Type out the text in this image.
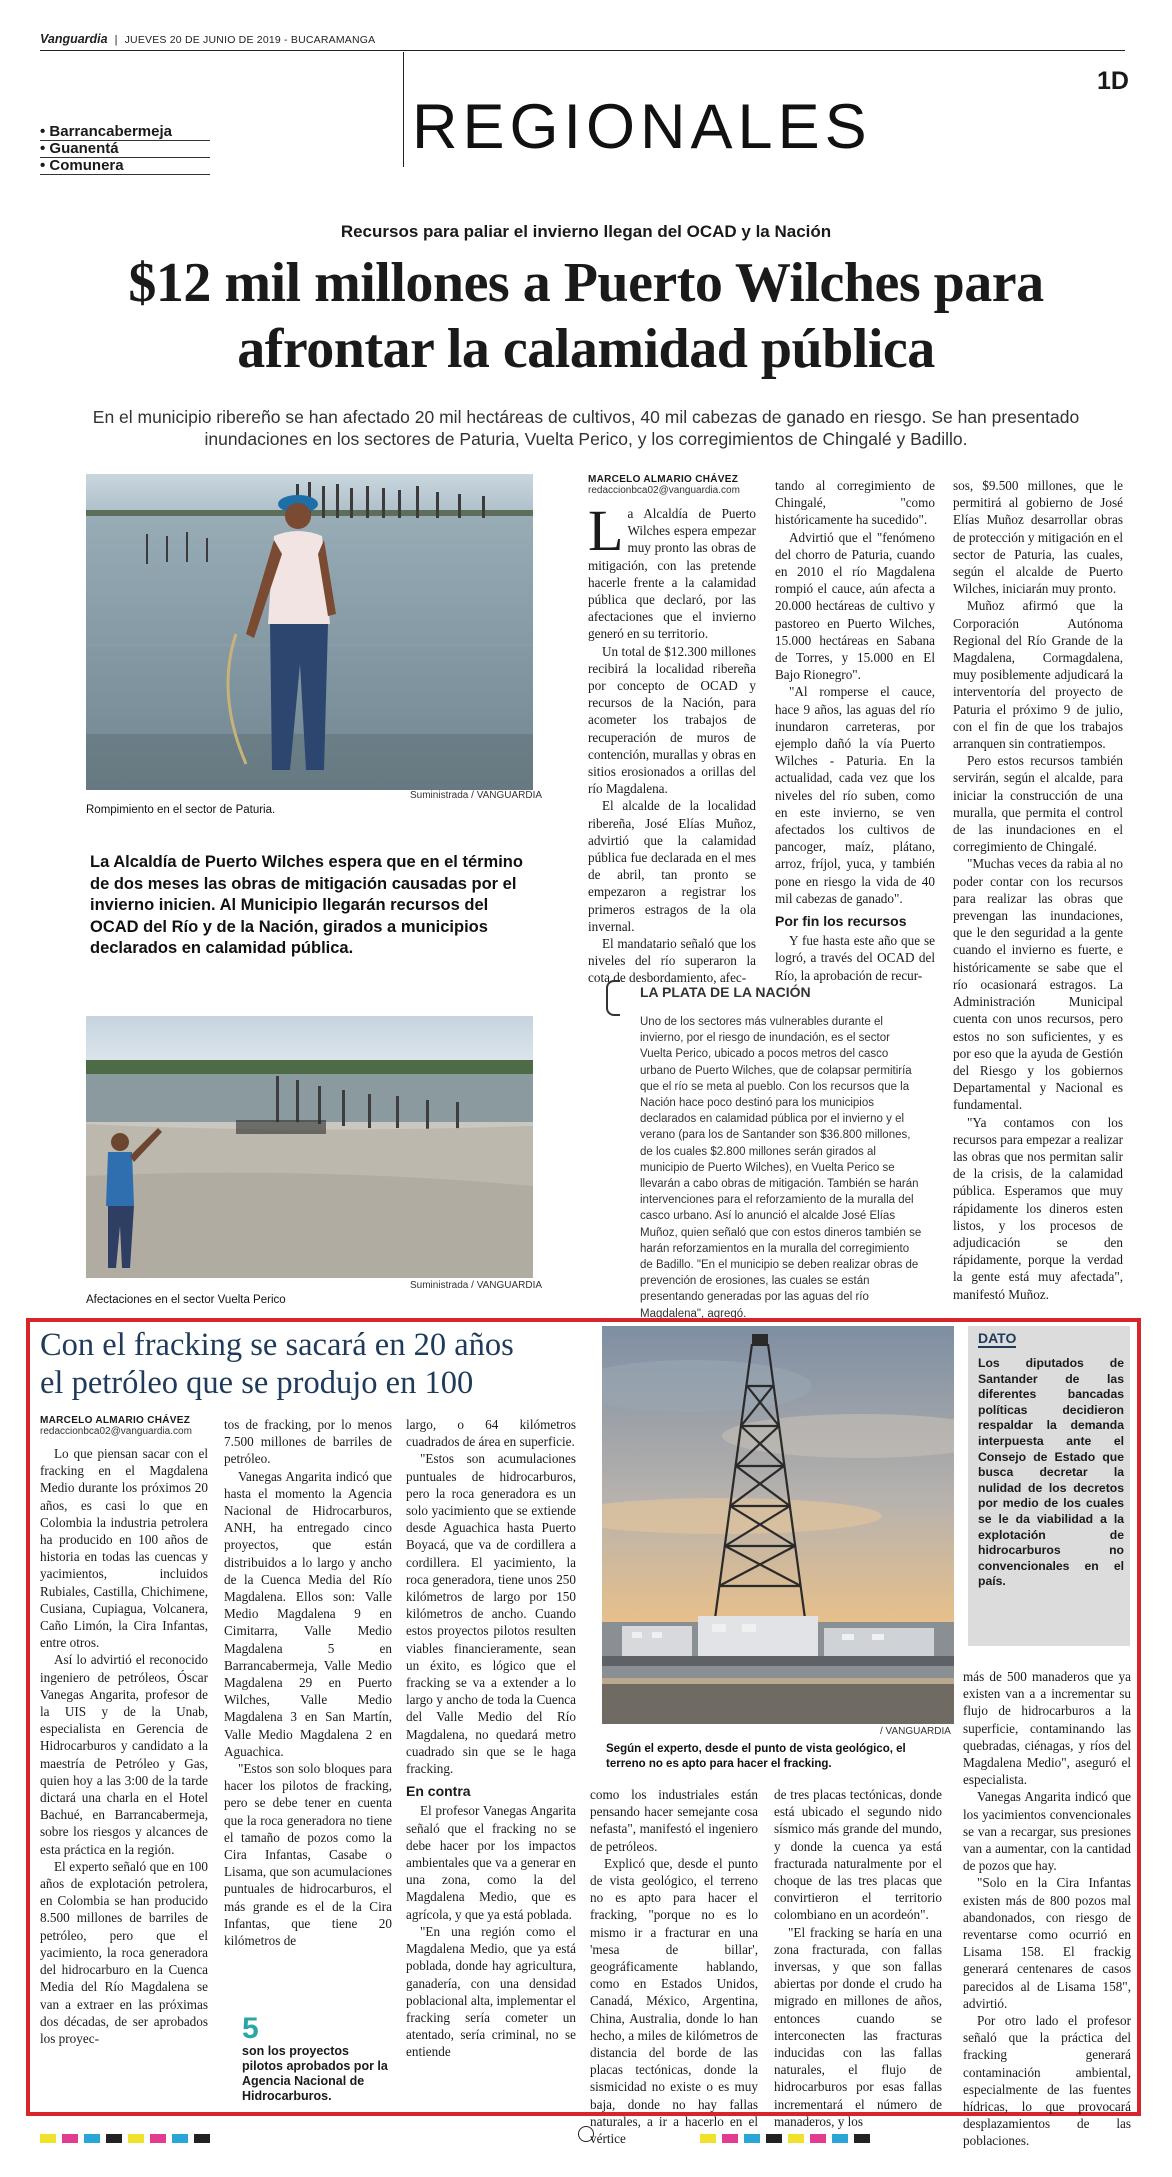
Vanguardia | JUEVES 20 DE JUNIO DE 2019 - BUCARAMANGA
1D
REGIONALES
• Barrancabermeja
• Guanentá
• Comunera
Recursos para paliar el invierno llegan del OCAD y la Nación
$12 mil millones a Puerto Wilches para
afrontar la calamidad pública
En el municipio ribereño se han afectado 20 mil hectáreas de cultivos, 40 mil cabezas de ganado en riesgo. Se han presentado
inundaciones en los sectores de Paturia, Vuelta Perico, y los corregimientos de Chingalé y Badillo.
Suministrada / VANGUARDIA
Rompimiento en el sector de Paturia.
La Alcaldía de Puerto Wilches espera que en el término de dos meses las obras de mitigación causadas por el invierno inicien. Al Municipio llegarán recursos del OCAD del Río y de la Nación, girados a municipios declarados en calamidad pública.
Suministrada / VANGUARDIA
Afectaciones en el sector Vuelta Perico
MARCELO ALMARIO CHÁVEZ
redaccionbca02@vanguardia.com

La Alcaldía de Puerto Wilches espera empezar muy pronto las obras de mitigación, con las pretende hacerle frente a la calamidad pública que declaró, por las afectaciones que el invierno generó en su territorio.

Un total de $12.300 millones recibirá la localidad ribereña por concepto de OCAD y recursos de la Nación, para acometer los trabajos de recuperación de muros de contención, murallas y obras en sitios erosionados a orillas del río Magdalena.

El alcalde de la localidad ribereña, José Elías Muñoz, advirtió que la calamidad pública fue declarada en el mes de abril, tan pronto se empezaron a registrar los primeros estragos de la ola invernal.

El mandatario señaló que los niveles del río superaron la cota de desbordamiento, afec-

tando al corregimiento de Chingalé, "como históricamente ha sucedido".

Advirtió que el "fenómeno del chorro de Paturia, cuando en 2010 el río Magdalena rompió el cauce, aún afecta a 20.000 hectáreas de cultivo y pastoreo en Puerto Wilches, 15.000 hectáreas en Sabana de Torres, y 15.000 en El Bajo Rionegro".

"Al romperse el cauce, hace 9 años, las aguas del río inundaron carreteras, por ejemplo dañó la vía Puerto Wilches - Paturia. En la actualidad, cada vez que los niveles del río suben, como en este invierno, se ven afectados los cultivos de pancoger, maíz, plátano, arroz, fríjol, yuca, y también pone en riesgo la vida de 40 mil cabezas de ganado".

Por fin los recursos

Y fue hasta este año que se logró, a través del OCAD del Río, la aprobación de recur-

sos, $9.500 millones, que le permitirá al gobierno de José Elías Muñoz desarrollar obras de protección y mitigación en el sector de Paturia, las cuales, según el alcalde de Puerto Wilches, iniciarán muy pronto.

Muñoz afirmó que la Corporación Autónoma Regional del Río Grande de la Magdalena, Cormagdalena, muy posiblemente adjudicará la interventoría del proyecto de Paturia el próximo 9 de julio, con el fin de que los trabajos arranquen sin contratiempos.

Pero estos recursos también servirán, según el alcalde, para iniciar la construcción de una muralla, que permita el control de las inundaciones en el corregimiento de Chingalé.

"Muchas veces da rabia al no poder contar con los recursos para realizar las obras que prevengan las inundaciones, que le den seguridad a la gente cuando el invierno es fuerte, e históricamente se sabe que el río ocasionará estragos. La Administración Municipal cuenta con unos recursos, pero estos no son suficientes, y es por eso que la ayuda de Gestión del Riesgo y los gobiernos Departamental y Nacional es fundamental.

"Ya contamos con los recursos para empezar a realizar las obras que nos permitan salir de la crisis, de la calamidad pública. Esperamos que muy rápidamente los dineros esten listos, y los procesos de adjudicación se den rápidamente, porque la verdad la gente está muy afectada", manifestó Muñoz.

LA PLATA DE LA NACIÓN
Uno de los sectores más vulnerables durante el invierno, por el riesgo de inundación, es el sector Vuelta Perico, ubicado a pocos metros del casco urbano de Puerto Wilches, que de colapsar permitiría que el río se meta al pueblo. Con los recursos que la Nación hace poco destinó para los municipios declarados en calamidad pública por el invierno y el verano (para los de Santander son $36.800 millones, de los cuales $2.800 millones serán girados al municipio de Puerto Wilches), en Vuelta Perico se llevarán a cabo obras de mitigación. También se harán intervenciones para el reforzamiento de la muralla del casco urbano. Así lo anunció el alcalde José Elías Muñoz, quien señaló que con estos dineros también se harán reforzamientos en la muralla del corregimiento de Badillo. "En el municipio se deben realizar obras de prevención de erosiones, las cuales se están presentando generadas por las aguas del río Magdalena", agregó.
Con el fracking se sacará en 20 años
el petróleo que se produjo en 100
MARCELO ALMARIO CHÁVEZ
redaccionbca02@vanguardia.com

Lo que piensan sacar con el fracking en el Magdalena Medio durante los próximos 20 años, es casi lo que en Colombia la industria petrolera ha producido en 100 años de historia en todas las cuencas y yacimientos, incluidos Rubiales, Castilla, Chichimene, Cusiana, Cupiagua, Volcanera, Caño Limón, la Cira Infantas, entre otros.

Así lo advirtió el reconocido ingeniero de petróleos, Óscar Vanegas Angarita, profesor de la UIS y de la Unab, especialista en Gerencia de Hidrocarburos y candidato a la maestría de Petróleo y Gas, quien hoy a las 3:00 de la tarde dictará una charla en el Hotel Bachué, en Barrancabermeja, sobre los riesgos y alcances de esta práctica en la región.

El experto señaló que en 100 años de explotación petrolera, en Colombia se han producido 8.500 millones de barriles de petróleo, pero que el yacimiento, la roca generadora del hidrocarburo en la Cuenca Media del Río Magdalena se van a extraer en las próximas dos décadas, de ser aprobados los proyec-

tos de fracking, por lo menos 7.500 millones de barriles de petróleo.

Vanegas Angarita indicó que hasta el momento la Agencia Nacional de Hidrocarburos, ANH, ha entregado cinco proyectos, que están distribuidos a lo largo y ancho de la Cuenca Media del Río Magdalena. Ellos son: Valle Medio Magdalena 9 en Cimitarra, Valle Medio Magdalena 5 en Barrancabermeja, Valle Medio Magdalena 29 en Puerto Wilches, Valle Medio Magdalena 3 en San Martín, Valle Medio Magdalena 2 en Aguachica.

"Estos son solo bloques para hacer los pilotos de fracking, pero se debe tener en cuenta que la roca generadora no tiene el tamaño de pozos como la Cira Infantas, Casabe o Lisama, que son acumulaciones puntuales de hidrocarburos, el más grande es el de la Cira Infantas, que tiene 20 kilómetros de

5
son los proyectos pilotos aprobados por la Agencia Nacional de Hidrocarburos.

largo, o 64 kilómetros cuadrados de área en superficie.

"Estos son acumulaciones puntuales de hidrocarburos, pero la roca generadora es un solo yacimiento que se extiende desde Aguachica hasta Puerto Boyacá, que va de cordillera a cordillera. El yacimiento, la roca generadora, tiene unos 250 kilómetros de largo por 150 kilómetros de ancho. Cuando estos proyectos pilotos resulten viables financieramente, sean un éxito, es lógico que el fracking se va a extender a lo largo y ancho de toda la Cuenca del Valle Medio del Río Magdalena, no quedará metro cuadrado sin que se le haga fracking.

En contra

El profesor Vanegas Angarita señaló que el fracking no se debe hacer por los impactos ambientales que va a generar en una zona, como la del Magdalena Medio, que es agrícola, y que ya está poblada.

"En una región como el Magdalena Medio, que ya está poblada, donde hay agricultura, ganadería, con una densidad poblacional alta, implementar el fracking sería cometer un atentado, sería criminal, no se entiende

/ VANGUARDIA
Según el experto, desde el punto de vista geológico, el terreno no es apto para hacer el fracking.

como los industriales están pensando hacer semejante cosa nefasta", manifestó el ingeniero de petróleos.

Explicó que, desde el punto de vista geológico, el terreno no es apto para hacer el fracking, "porque no es lo mismo ir a fracturar en una 'mesa de billar', geográficamente hablando, como en Estados Unidos, Canadá, México, Argentina, China, Australia, donde lo han hecho, a miles de kilómetros de distancia del borde de las placas tectónicas, donde la sismicidad no existe o es muy baja, donde no hay fallas naturales, a ir a hacerlo en el vértice

de tres placas tectónicas, donde está ubicado el segundo nido sísmico más grande del mundo, y donde la cuenca ya está fracturada naturalmente por el choque de las tres placas que convirtieron el territorio colombiano en un acordeón".

"El fracking se haría en una zona fracturada, con fallas inversas, y que son fallas abiertas por donde el crudo ha migrado en millones de años, entonces cuando se interconecten las fracturas inducidas con las fallas naturales, el flujo de hidrocarburos por esas fallas incrementará el número de manaderos, y los

DATO
Los diputados de Santander de las diferentes bancadas políticas decidieron respaldar la demanda interpuesta ante el Consejo de Estado que busca decretar la nulidad de los decretos por medio de los cuales se le da viabilidad a la explotación de hidrocarburos no convencionales en el país.

más de 500 manaderos que ya existen van a a incrementar su flujo de hidrocarburos a la superficie, contaminando las quebradas, ciénagas, y ríos del Magdalena Medio", aseguró el especialista.

Vanegas Angarita indicó que los yacimientos convencionales se van a recargar, sus presiones van a aumentar, con la cantidad de pozos que hay.

"Solo en la Cira Infantas existen más de 800 pozos mal abandonados, con riesgo de reventarse como ocurrió en Lisama 158. El frackig generará centenares de casos parecidos al de Lisama 158", advirtió.

Por otro lado el profesor señaló que la práctica del fracking generará contaminación ambiental, especialmente de las fuentes hídricas, lo que provocará desplazamientos de las poblaciones.
